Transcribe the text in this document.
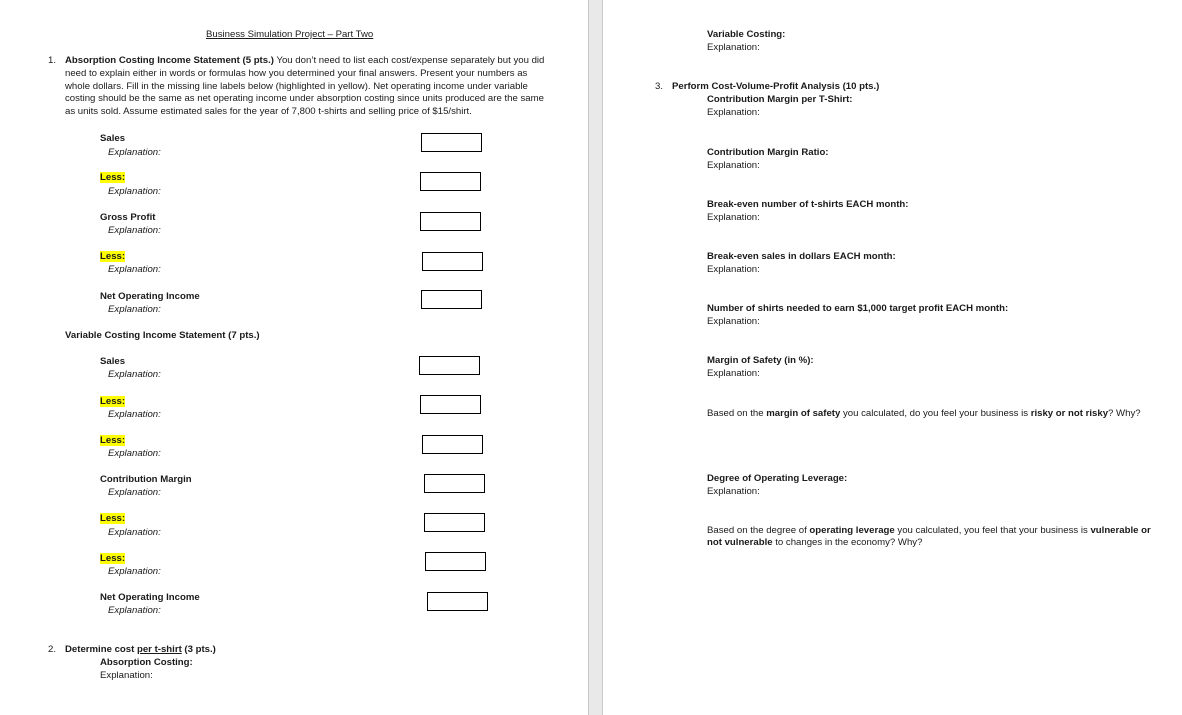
Business Simulation Project – Part Two
1. Absorption Costing Income Statement (5 pts.) You don’t need to list each cost/expense separately but you did
need to explain either in words or formulas how you determined your final answers. Present your numbers as
whole dollars. Fill in the missing line labels below (highlighted in yellow). Net operating income under variable
costing should be the same as net operating income under absorption costing since units produced are the same
as units sold. Assume estimated sales for the year of 7,800 t-shirts and selling price of $15/shirt.
Sales
Explanation:
Less:
Explanation:
Gross Profit
Explanation:
Less:
Explanation:
Net Operating Income
Explanation:
Variable Costing Income Statement (7 pts.)
Sales
Explanation:
Less:
Explanation:
Less:
Explanation:
Contribution Margin
Explanation:
Less:
Explanation:
Less:
Explanation:
Net Operating Income
Explanation:
2. Determine cost per t-shirt (3 pts.)
Absorption Costing:
Explanation:
Variable Costing:
Explanation:
3. Perform Cost-Volume-Profit Analysis (10 pts.)
Contribution Margin per T-Shirt:
Explanation:
Contribution Margin Ratio:
Explanation:
Break-even number of t-shirts EACH month:
Explanation:
Break-even sales in dollars EACH month:
Explanation:
Number of shirts needed to earn $1,000 target profit EACH month:
Explanation:
Margin of Safety (in %):
Explanation:
Based on the margin of safety you calculated, do you feel your business is risky or not risky? Why?
Degree of Operating Leverage:
Explanation:
Based on the degree of operating leverage you calculated, you feel that your business is vulnerable or
not vulnerable to changes in the economy? Why?
